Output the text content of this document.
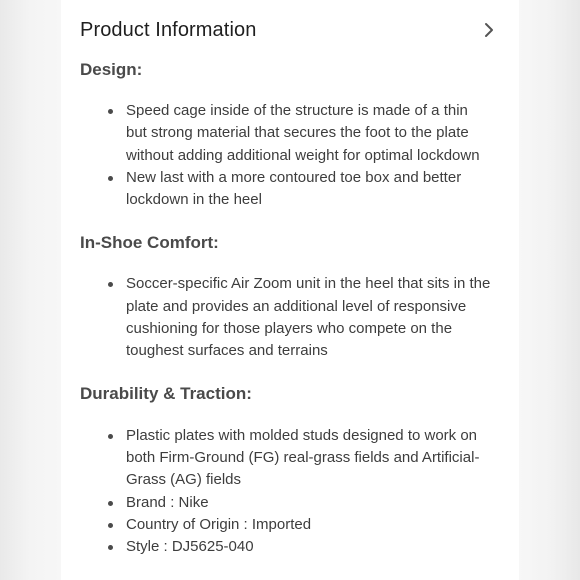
Product Information
Design:
Speed cage inside of the structure is made of a thin but strong material that secures the foot to the plate without adding additional weight for optimal lockdown
New last with a more contoured toe box and better lockdown in the heel
In-Shoe Comfort:
Soccer-specific Air Zoom unit in the heel that sits in the plate and provides an additional level of responsive cushioning for those players who compete on the toughest surfaces and terrains
Durability & Traction:
Plastic plates with molded studs designed to work on both Firm-Ground (FG) real-grass fields and Artificial-Grass (AG) fields
Brand : Nike
Country of Origin : Imported
Style : DJ5625-040
